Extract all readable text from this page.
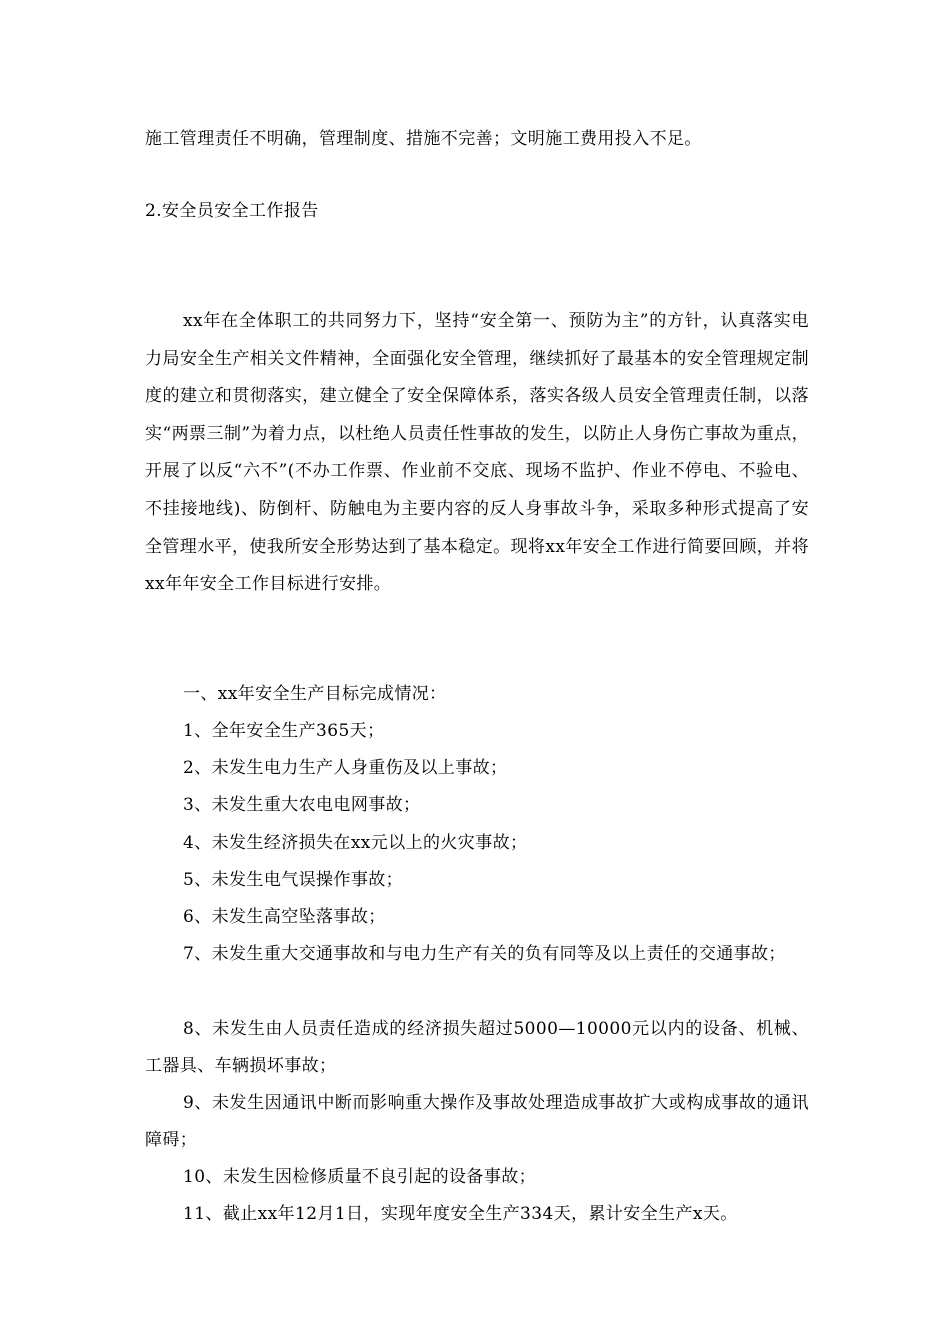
施工管理责任不明确，管理制度、措施不完善；文明施工费用投入不足。
2.安全员安全工作报告
xx年在全体职工的共同努力下，坚持“安全第一、预防为主”的方针，认真落实电力局安全生产相关文件精神，全面强化安全管理，继续抓好了最基本的安全管理规定制度的建立和贯彻落实，建立健全了安全保障体系，落实各级人员安全管理责任制，以落实“两票三制”为着力点，以杜绝人员责任性事故的发生，以防止人身伤亡事故为重点，开展了以反“六不”(不办工作票、作业前不交底、现场不监护、作业不停电、不验电、不挂接地线)、防倒杆、防触电为主要内容的反人身事故斗争，采取多种形式提高了安全管理水平，使我所安全形势达到了基本稳定。现将xx年安全工作进行简要回顾，并将xx年年安全工作目标进行安排。
一、xx年安全生产目标完成情况：
1、全年安全生产365天；
2、未发生电力生产人身重伤及以上事故；
3、未发生重大农电电网事故；
4、未发生经济损失在xx元以上的火灾事故；
5、未发生电气误操作事故；
6、未发生高空坠落事故；
7、未发生重大交通事故和与电力生产有关的负有同等及以上责任的交通事故；
8、未发生由人员责任造成的经济损失超过5000—10000元以内的设备、机械、工器具、车辆损坏事故；
9、未发生因通讯中断而影响重大操作及事故处理造成事故扩大或构成事故的通讯障碍；
10、未发生因检修质量不良引起的设备事故；
11、截止xx年12月1日，实现年度安全生产334天，累计安全生产x天。
